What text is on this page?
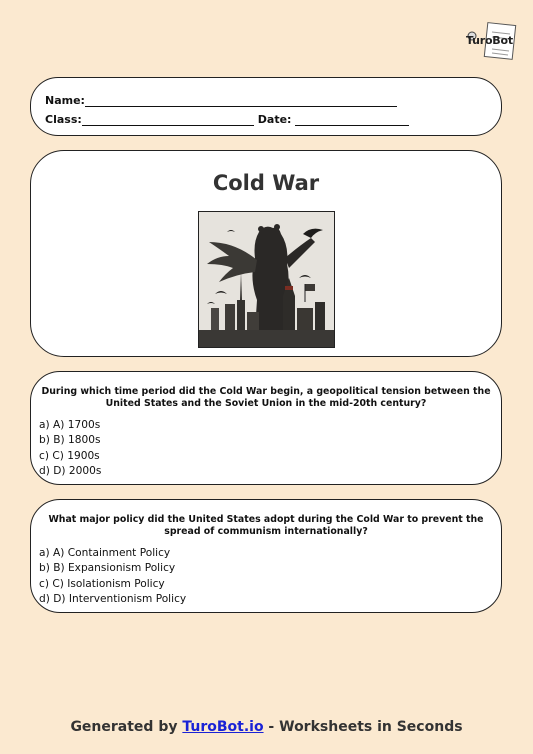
TuroBot
Name:
Class:	Date:
Cold War

During which time period did the Cold War begin, a geopolitical tension between the United States and the Soviet Union in the mid-20th century?

a) A) 1700s
b) B) 1800s
c) C) 1900s
d) D) 2000s

What major policy did the United States adopt during the Cold War to prevent the spread of communism internationally?

a) A) Containment Policy
b) B) Expansionism Policy
c) C) Isolationism Policy
d) D) Interventionism Policy
Generated by TuroBot.io - Worksheets in Seconds
